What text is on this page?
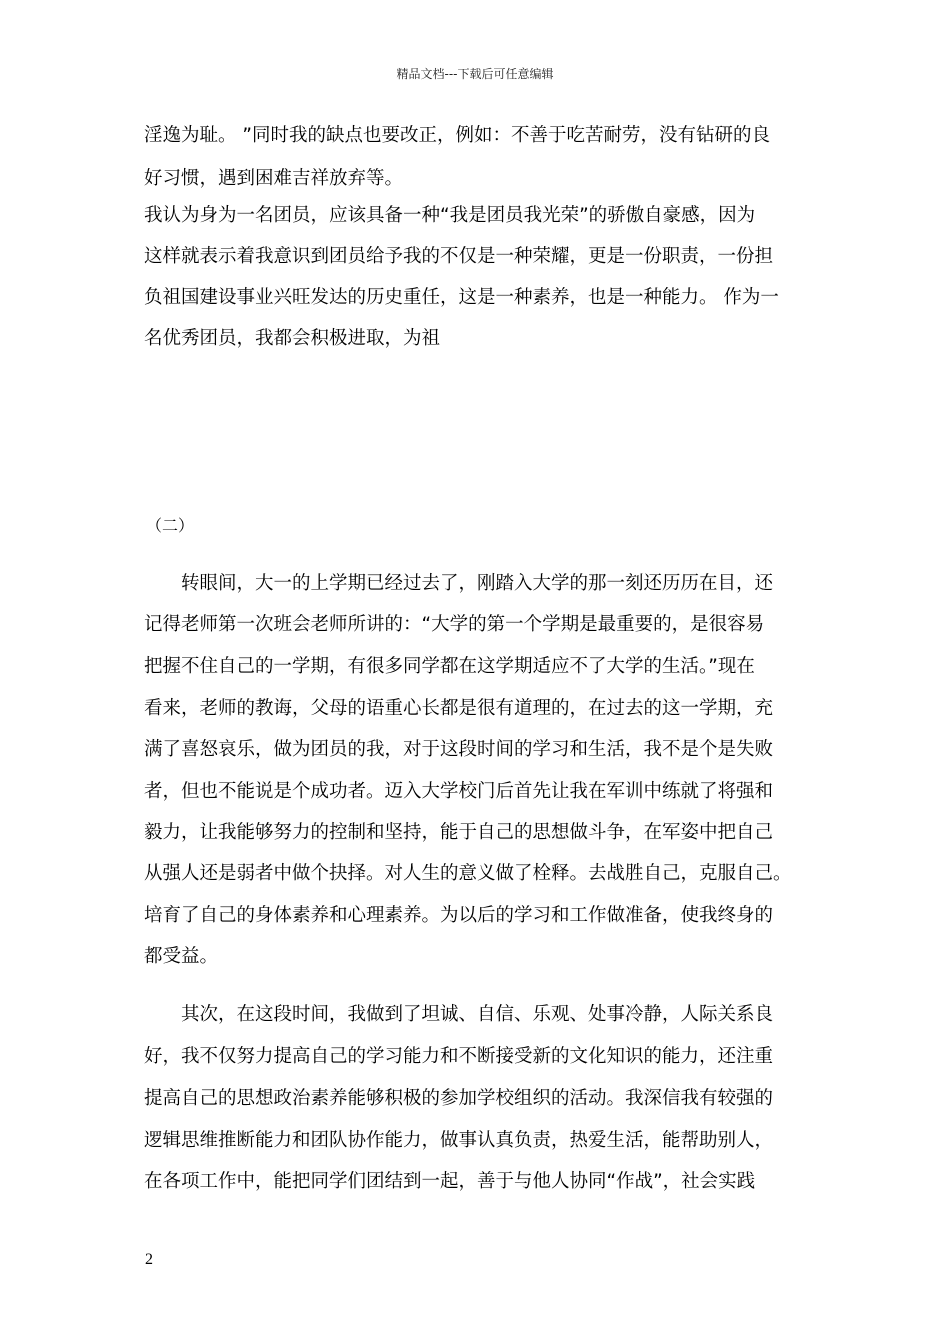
精品文档---下载后可任意编辑
淫逸为耻。 ”同时我的缺点也要改正，例如：不善于吃苦耐劳，没有钻研的良
好习惯，遇到困难吉祥放弃等。
我认为身为一名团员，应该具备一种“我是团员我光荣”的骄傲自豪感，因为
这样就表示着我意识到团员给予我的不仅是一种荣耀，更是一份职责，一份担
负祖国建设事业兴旺发达的历史重任，这是一种素养，也是一种能力。 作为一
名优秀团员，我都会积极进取，为祖
（二）
转眼间，大一的上学期已经过去了，刚踏入大学的那一刻还历历在目，还
记得老师第一次班会老师所讲的：“大学的第一个学期是最重要的，是很容易
把握不住自己的一学期，有很多同学都在这学期适应不了大学的生活。”现在
看来，老师的教诲，父母的语重心长都是很有道理的，在过去的这一学期，充
满了喜怒哀乐，做为团员的我，对于这段时间的学习和生活，我不是个是失败
者，但也不能说是个成功者。迈入大学校门后首先让我在军训中练就了将强和
毅力，让我能够努力的控制和坚持，能于自己的思想做斗争，在军姿中把自己
从强人还是弱者中做个抉择。对人生的意义做了栓释。去战胜自己，克服自己。
培育了自己的身体素养和心理素养。为以后的学习和工作做准备，使我终身的
都受益。
其次，在这段时间，我做到了坦诚、自信、乐观、处事冷静，人际关系良
好，我不仅努力提高自己的学习能力和不断接受新的文化知识的能力，还注重
提高自己的思想政治素养能够积极的参加学校组织的活动。我深信我有较强的
逻辑思维推断能力和团队协作能力，做事认真负责，热爱生活，能帮助别人，
在各项工作中，能把同学们团结到一起，善于与他人协同“作战”，社会实践
2
